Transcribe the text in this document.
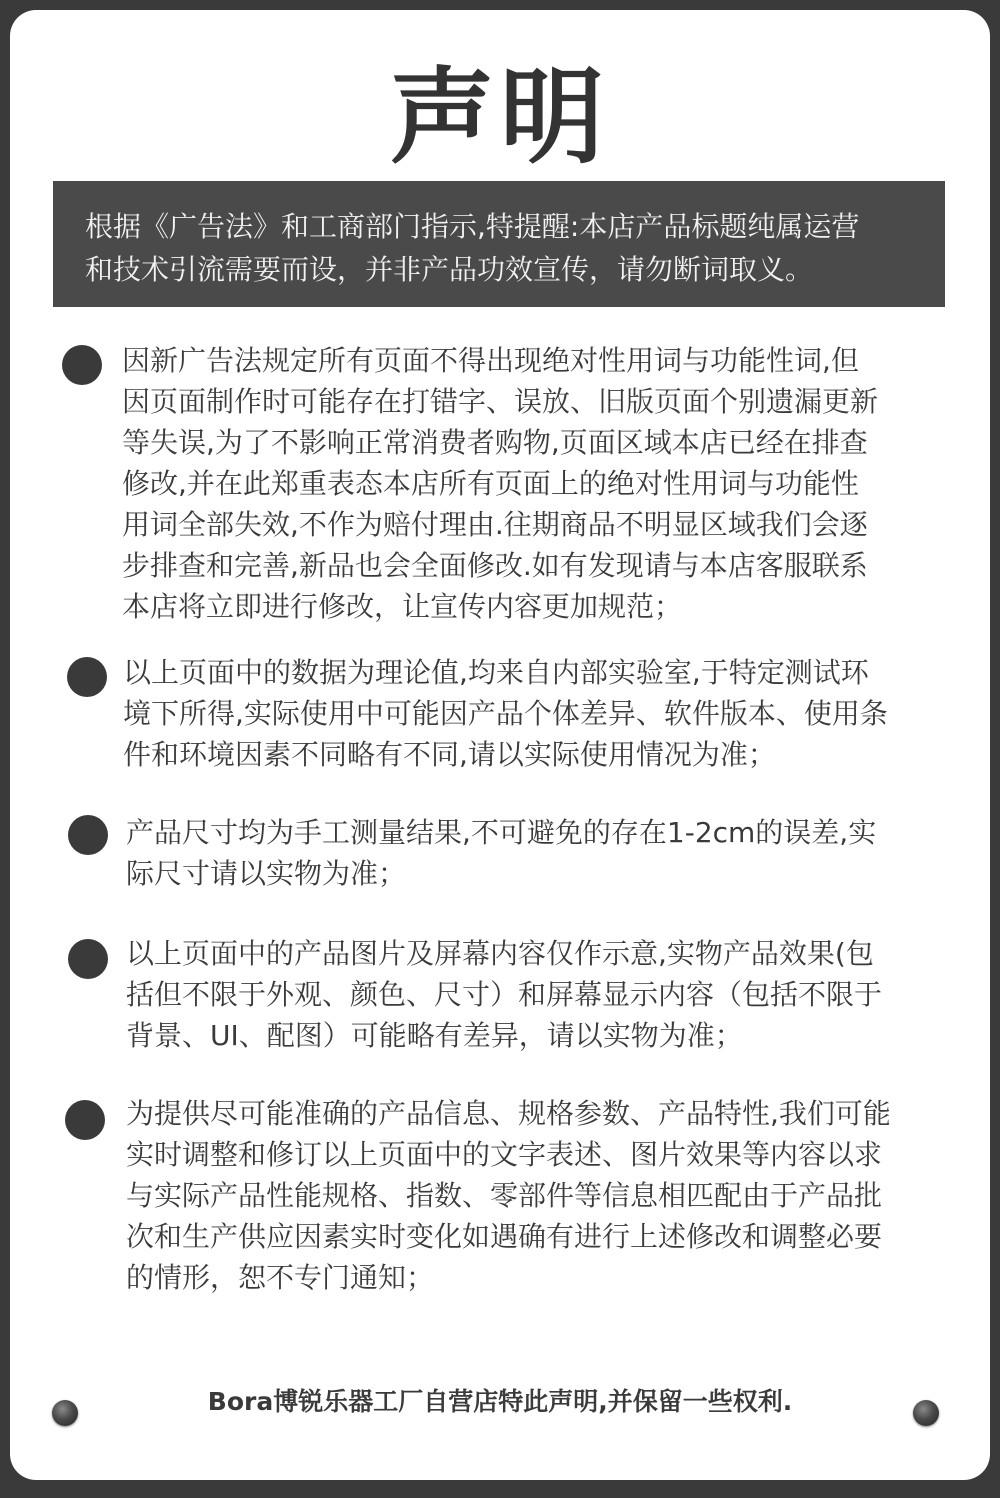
声明
根据《广告法》和工商部门指示,特提醒:本店产品标题纯属运营
和技术引流需要而设，并非产品功效宣传，请勿断词取义。
因新广告法规定所有页面不得出现绝对性用词与功能性词,但
因页面制作时可能存在打错字、误放、旧版页面个别遗漏更新
等失误,为了不影响正常消费者购物,页面区域本店已经在排查
修改,并在此郑重表态本店所有页面上的绝对性用词与功能性
用词全部失效,不作为赔付理由.往期商品不明显区域我们会逐
步排查和完善,新品也会全面修改.如有发现请与本店客服联系
本店将立即进行修改，让宣传内容更加规范；
以上页面中的数据为理论值,均来自内部实验室,于特定测试环
境下所得,实际使用中可能因产品个体差异、软件版本、使用条
件和环境因素不同略有不同,请以实际使用情况为准；
产品尺寸均为手工测量结果,不可避免的存在1-2cm的误差,实
际尺寸请以实物为准；
以上页面中的产品图片及屏幕内容仅作示意,实物产品效果(包
括但不限于外观、颜色、尺寸）和屏幕显示内容（包括不限于
背景、UI、配图）可能略有差异，请以实物为准；
为提供尽可能准确的产品信息、规格参数、产品特性,我们可能
实时调整和修订以上页面中的文字表述、图片效果等内容以求
与实际产品性能规格、指数、零部件等信息相匹配由于产品批
次和生产供应因素实时变化如遇确有进行上述修改和调整必要
的情形，恕不专门通知；
Bora博锐乐器工厂自营店特此声明,并保留一些权利.
